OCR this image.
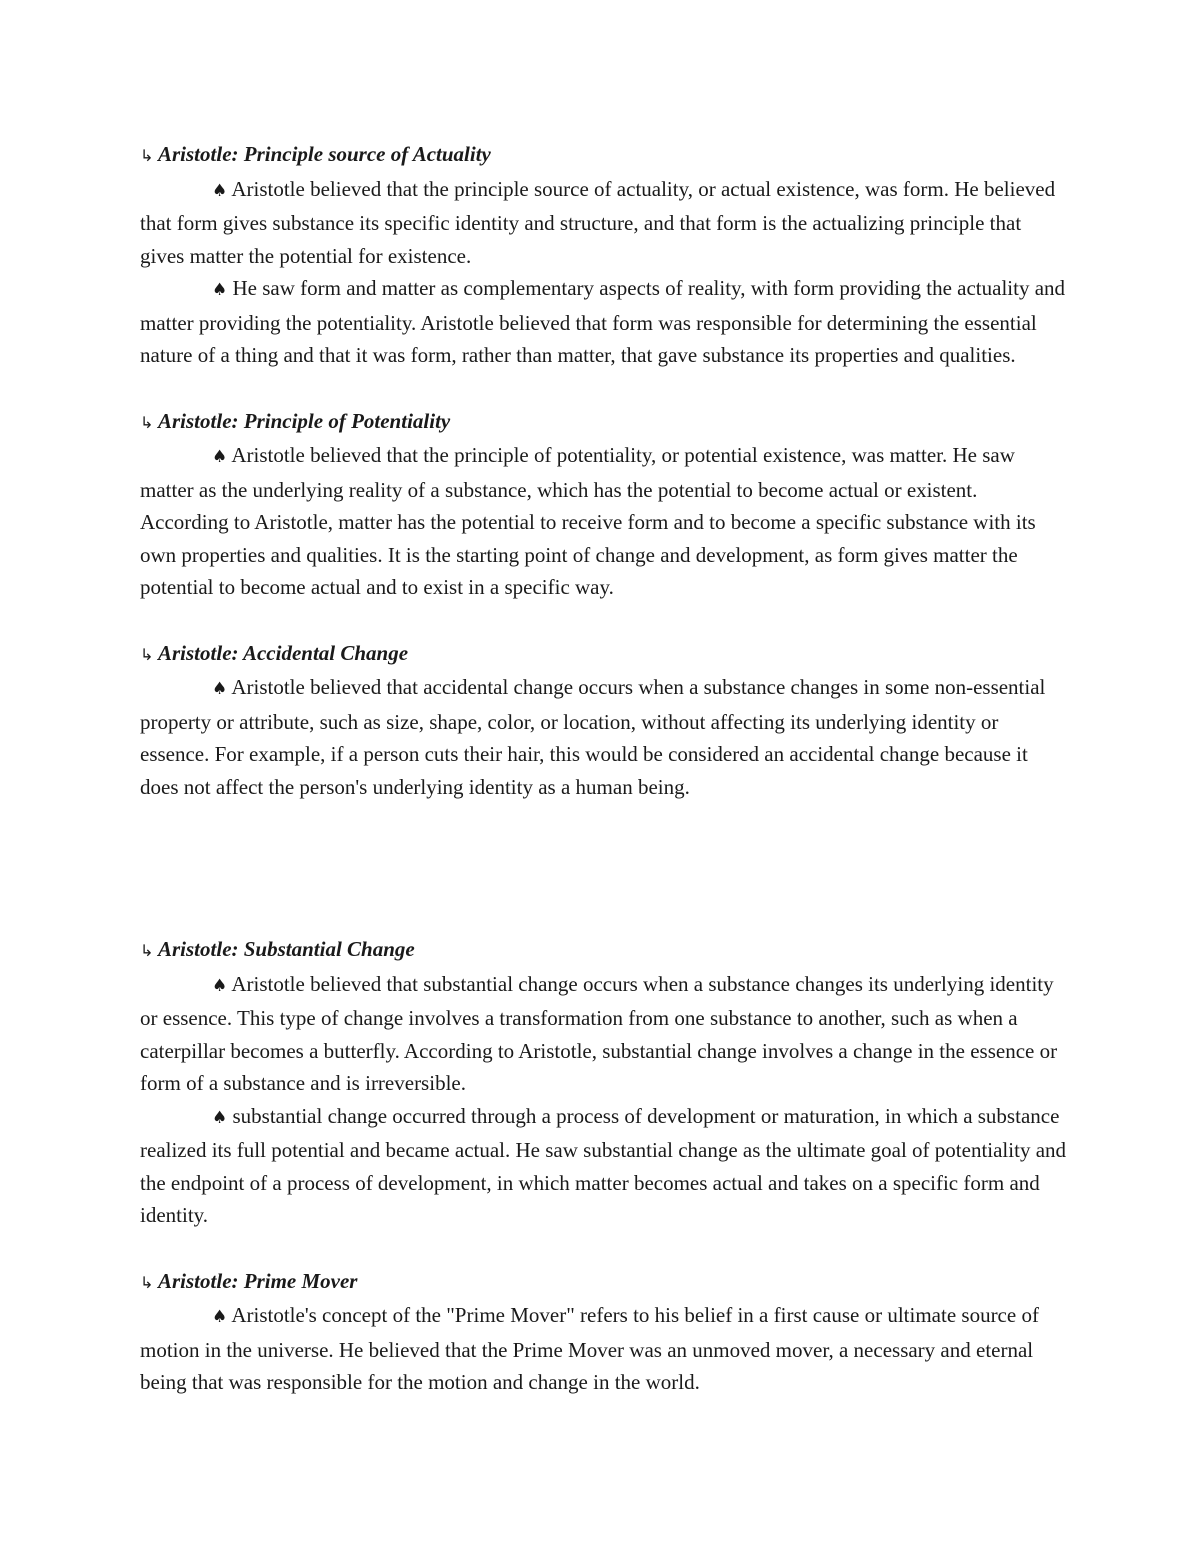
↳ Aristotle: Principle source of Actuality

♠ Aristotle believed that the principle source of actuality, or actual existence, was form. He believed that form gives substance its specific identity and structure, and that form is the actualizing principle that gives matter the potential for existence.

♠ He saw form and matter as complementary aspects of reality, with form providing the actuality and matter providing the potentiality. Aristotle believed that form was responsible for determining the essential nature of a thing and that it was form, rather than matter, that gave substance its properties and qualities.

↳ Aristotle: Principle of Potentiality

♠ Aristotle believed that the principle of potentiality, or potential existence, was matter. He saw matter as the underlying reality of a substance, which has the potential to become actual or existent. According to Aristotle, matter has the potential to receive form and to become a specific substance with its own properties and qualities. It is the starting point of change and development, as form gives matter the potential to become actual and to exist in a specific way.

↳ Aristotle: Accidental Change

♠ Aristotle believed that accidental change occurs when a substance changes in some non-essential property or attribute, such as size, shape, color, or location, without affecting its underlying identity or essence. For example, if a person cuts their hair, this would be considered an accidental change because it does not affect the person's underlying identity as a human being.

↳ Aristotle: Substantial Change

♠ Aristotle believed that substantial change occurs when a substance changes its underlying identity or essence. This type of change involves a transformation from one substance to another, such as when a caterpillar becomes a butterfly. According to Aristotle, substantial change involves a change in the essence or form of a substance and is irreversible.

♠ substantial change occurred through a process of development or maturation, in which a substance realized its full potential and became actual. He saw substantial change as the ultimate goal of potentiality and the endpoint of a process of development, in which matter becomes actual and takes on a specific form and identity.

↳ Aristotle: Prime Mover

♠ Aristotle's concept of the "Prime Mover" refers to his belief in a first cause or ultimate source of motion in the universe. He believed that the Prime Mover was an unmoved mover, a necessary and eternal being that was responsible for the motion and change in the world.
